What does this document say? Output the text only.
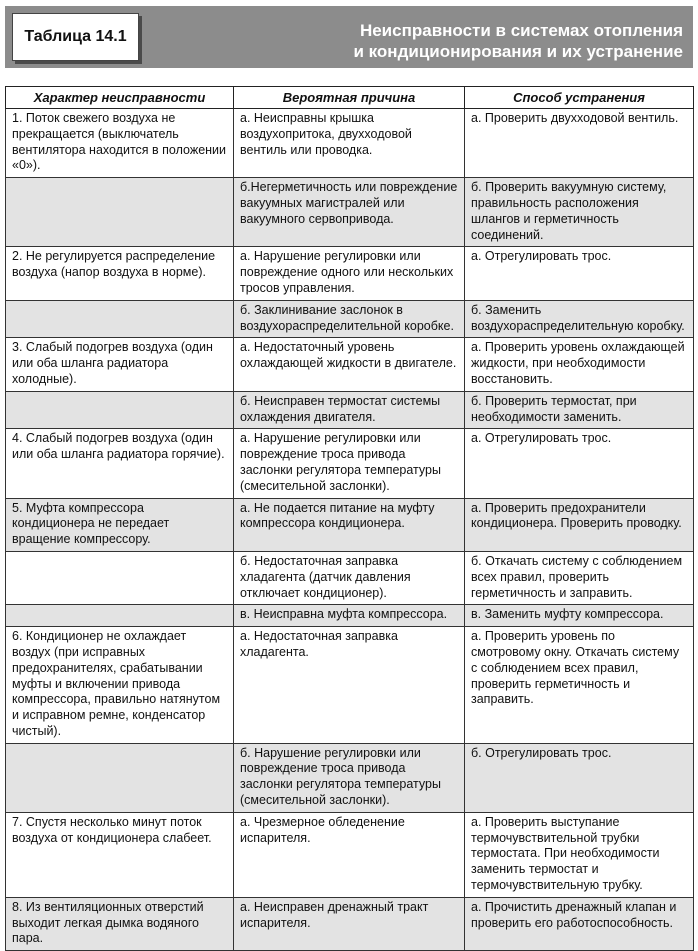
Неисправности в системах отопления
и кондиционирования и их устранение
Таблица 14.1
Характер неисправности	Вероятная причина	Способ устранения
1. Поток свежего воздуха не прекращается (выключатель вентилятора находится в положении «0»).	а. Неисправны крышка воздухопритока, двухходовой вентиль или проводка.	а. Проверить двухходовой вентиль.
	б.Негерметичность или повреждение вакуумных магистралей или вакуумного сервопривода.	б. Проверить вакуумную систему, правильность расположения шлангов и герметичность соединений.
2. Не регулируется распределение воздуха (напор воздуха в норме).	а. Нарушение регулировки или повреждение одного или нескольких тросов управления.	а. Отрегулировать трос.
	б. Заклинивание заслонок в воздухораспределительной коробке.	б. Заменить воздухораспределительную коробку.
3. Слабый подогрев воздуха (один или оба шланга радиатора холодные).	а. Недостаточный уровень охлаждающей жидкости в двигателе.	а. Проверить уровень охлаждающей жидкости, при необходимости восстановить.
	б. Неисправен термостат системы охлаждения двигателя.	б. Проверить термостат, при необходимости заменить.
4. Слабый подогрев воздуха (один или оба шланга радиатора горячие).	а. Нарушение регулировки или повреждение троса привода заслонки регулятора температуры (смесительной заслонки).	а. Отрегулировать трос.
5. Муфта компрессора кондиционера не передает вращение компрессору.	а. Не подается питание на муфту компрессора кондиционера.	а. Проверить предохранители кондиционера. Проверить проводку.
	б. Недостаточная заправка хладагента (датчик давления отключает кондиционер).	б. Откачать систему с соблюдением всех правил, проверить герметичность и заправить.
	в. Неисправна муфта компрессора.	в. Заменить муфту компрессора.
6. Кондиционер не охлаждает воздух (при исправных предохранителях, срабатывании муфты и включении привода компрессора, правильно натянутом и исправном ремне, конденсатор чистый).	а. Недостаточная заправка хладагента.	а. Проверить уровень по смотровому окну. Откачать систему с соблюдением всех правил, проверить герметичность и заправить.
	б. Нарушение регулировки или повреждение троса привода заслонки регулятора температуры (смесительной заслонки).	б. Отрегулировать трос.
7. Спустя несколько минут поток воздуха от кондиционера слабеет.	а. Чрезмерное обледенение испарителя.	а. Проверить выступание термочувствительной трубки термостата. При необходимости заменить термостат и термочувствительную трубку.
8. Из вентиляционных отверстий выходит легкая дымка водяного пара.	а. Неисправен дренажный тракт испарителя.	а. Прочистить дренажный клапан и проверить его работоспособность.
